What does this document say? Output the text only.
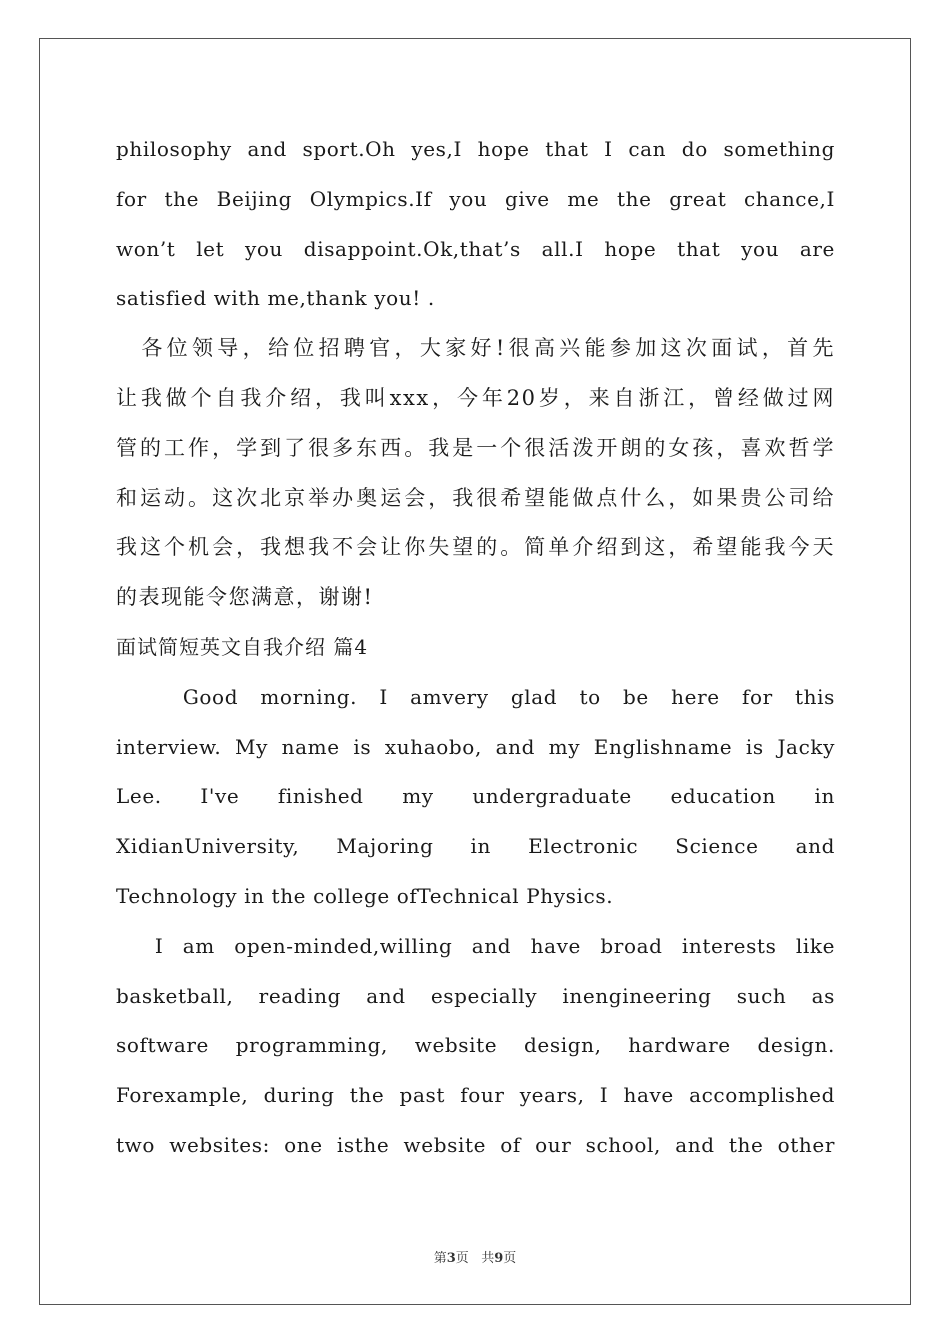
philosophy and sport.Oh yes,I hope that I can do something
for the Beijing Olympics.If you give me the great chance,I
won’t let you disappoint.Ok,that’s all.I hope that you are
satisfied with me,thank you! .
　各位领导，给位招聘官，大家好!很高兴能参加这次面试，首先
让我做个自我介绍，我叫xxx，今年20岁，来自浙江，曾经做过网
管的工作，学到了很多东西。我是一个很活泼开朗的女孩，喜欢哲学
和运动。这次北京举办奥运会，我很希望能做点什么，如果贵公司给
我这个机会，我想我不会让你失望的。简单介绍到这，希望能我今天
的表现能令您满意，谢谢!
面试简短英文自我介绍 篇4
Good morning. I amvery glad to be here for this
interview. My name is xuhaobo, and my Englishname is Jacky
Lee. I've finished my undergraduate education in
XidianUniversity, Majoring in Electronic Science and
Technology in the college ofTechnical Physics.
I am open-minded,willing and have broad interests like
basketball, reading and especially inengineering such as
software programming, website design, hardware design.
Forexample, during the past four years, I have accomplished
two websites: one isthe website of our school, and the other
第3页 共9页
